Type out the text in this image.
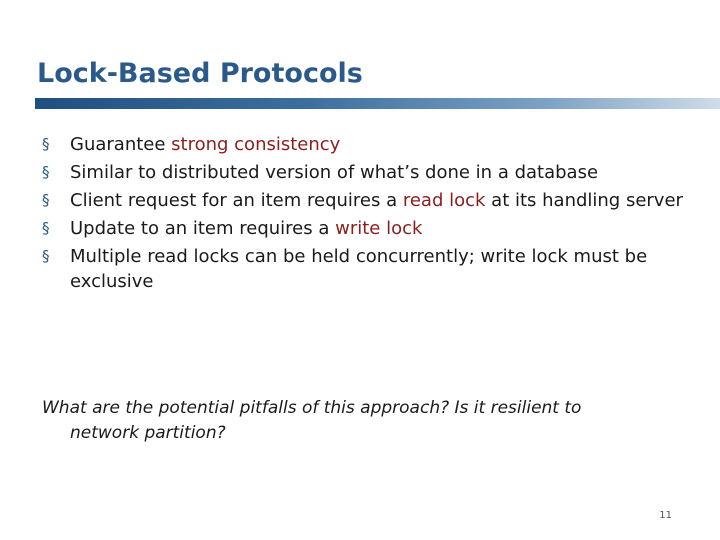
Lock-Based Protocols
§ Guarantee strong consistency
§ Similar to distributed version of what’s done in a database
§ Client request for an item requires a read lock at its handling server
§ Update to an item requires a write lock
§ Multiple read locks can be held concurrently; write lock must be exclusive
What are the potential pitfalls of this approach? Is it resilient to
network partition?
11
